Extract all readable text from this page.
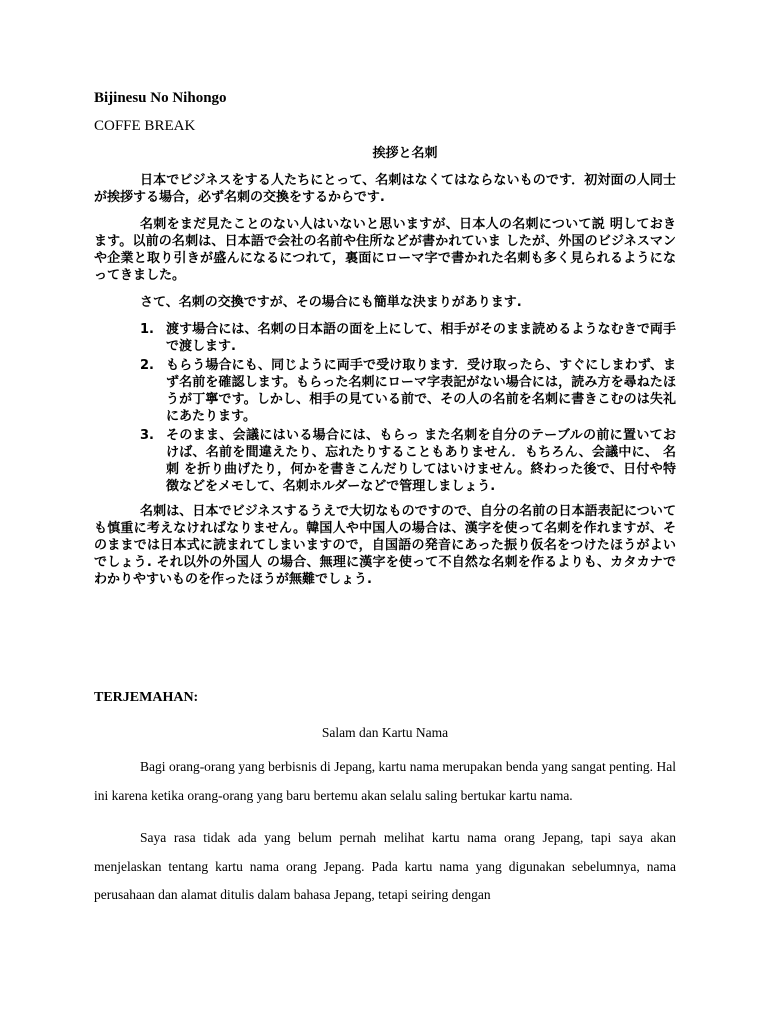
Bijinesu No Nihongo
COFFE BREAK
挨拶と名刺

日本でビジネスをする人たちにとって、名刺はなくてはならないものです．初対面の人同士が挨拶する場合，必ず名刺の交換をするからです.

名刺をまだ見たことのない人はいないと思いますが、日本人の名刺について説 明しておきます。以前の名刺は、日本語で会社の名前や住所などが書かれていま したが、外国のビジネスマンや企業と取り引きが盛んになるにつれて，裏面にローマ字で書かれた名刺も多く見られるようになってきました。

さて、名刺の交換ですが、その場合にも簡単な決まりがあります.

1. 渡す場合には、名刺の日本語の面を上にして、相手がそのまま読めるようなむきで両手で渡します.
2. もらう場合にも、同じように両手で受け取ります．受け取ったら、すぐにしまわず、まず名前を確認します。もらった名刺にローマ字表記がない場合には，読み方を尋ねたほうが丁寧です。しかし、相手の見ている前で、その人の名前を名刺に書きこむのは失礼にあたります。
3. そのまま、会議にはいる場合には、もらっ また名刺を自分のテーブルの前に置いておけば、名前を間違えたり、忘れたりすることもありません．もちろん、会議中に、 名刺 を折り曲げたり，何かを書きこんだりしてはいけません。終わった後で、日付や特徴などをメモして、名刺ホルダーなどで管理しましょう.

名刺は、日本でビジネスするうえで大切なものですので、自分の名前の日本語表記についても慎重に考えなければなりません。韓国人や中国人の場合は、漢字を使って名刺を作れますが、そのままでは日本式に読まれてしまいますので，自国語の発音にあった振り仮名をつけたほうがよいでしょう. それ以外の外国人 の場合、無理に漢字を使って不自然な名刺を作るよりも、カタカナでわかりやすいものを作ったほうが無難でしょう.

TERJEMAHAN:
Salam dan Kartu Nama

Bagi orang-orang yang berbisnis di Jepang, kartu nama merupakan benda yang sangat penting. Hal ini karena ketika orang-orang yang baru bertemu akan selalu saling bertukar kartu nama.

Saya rasa tidak ada yang belum pernah melihat kartu nama orang Jepang, tapi saya akan menjelaskan tentang kartu nama orang Jepang. Pada kartu nama yang digunakan sebelumnya, nama perusahaan dan alamat ditulis dalam bahasa Jepang, tetapi seiring dengan
